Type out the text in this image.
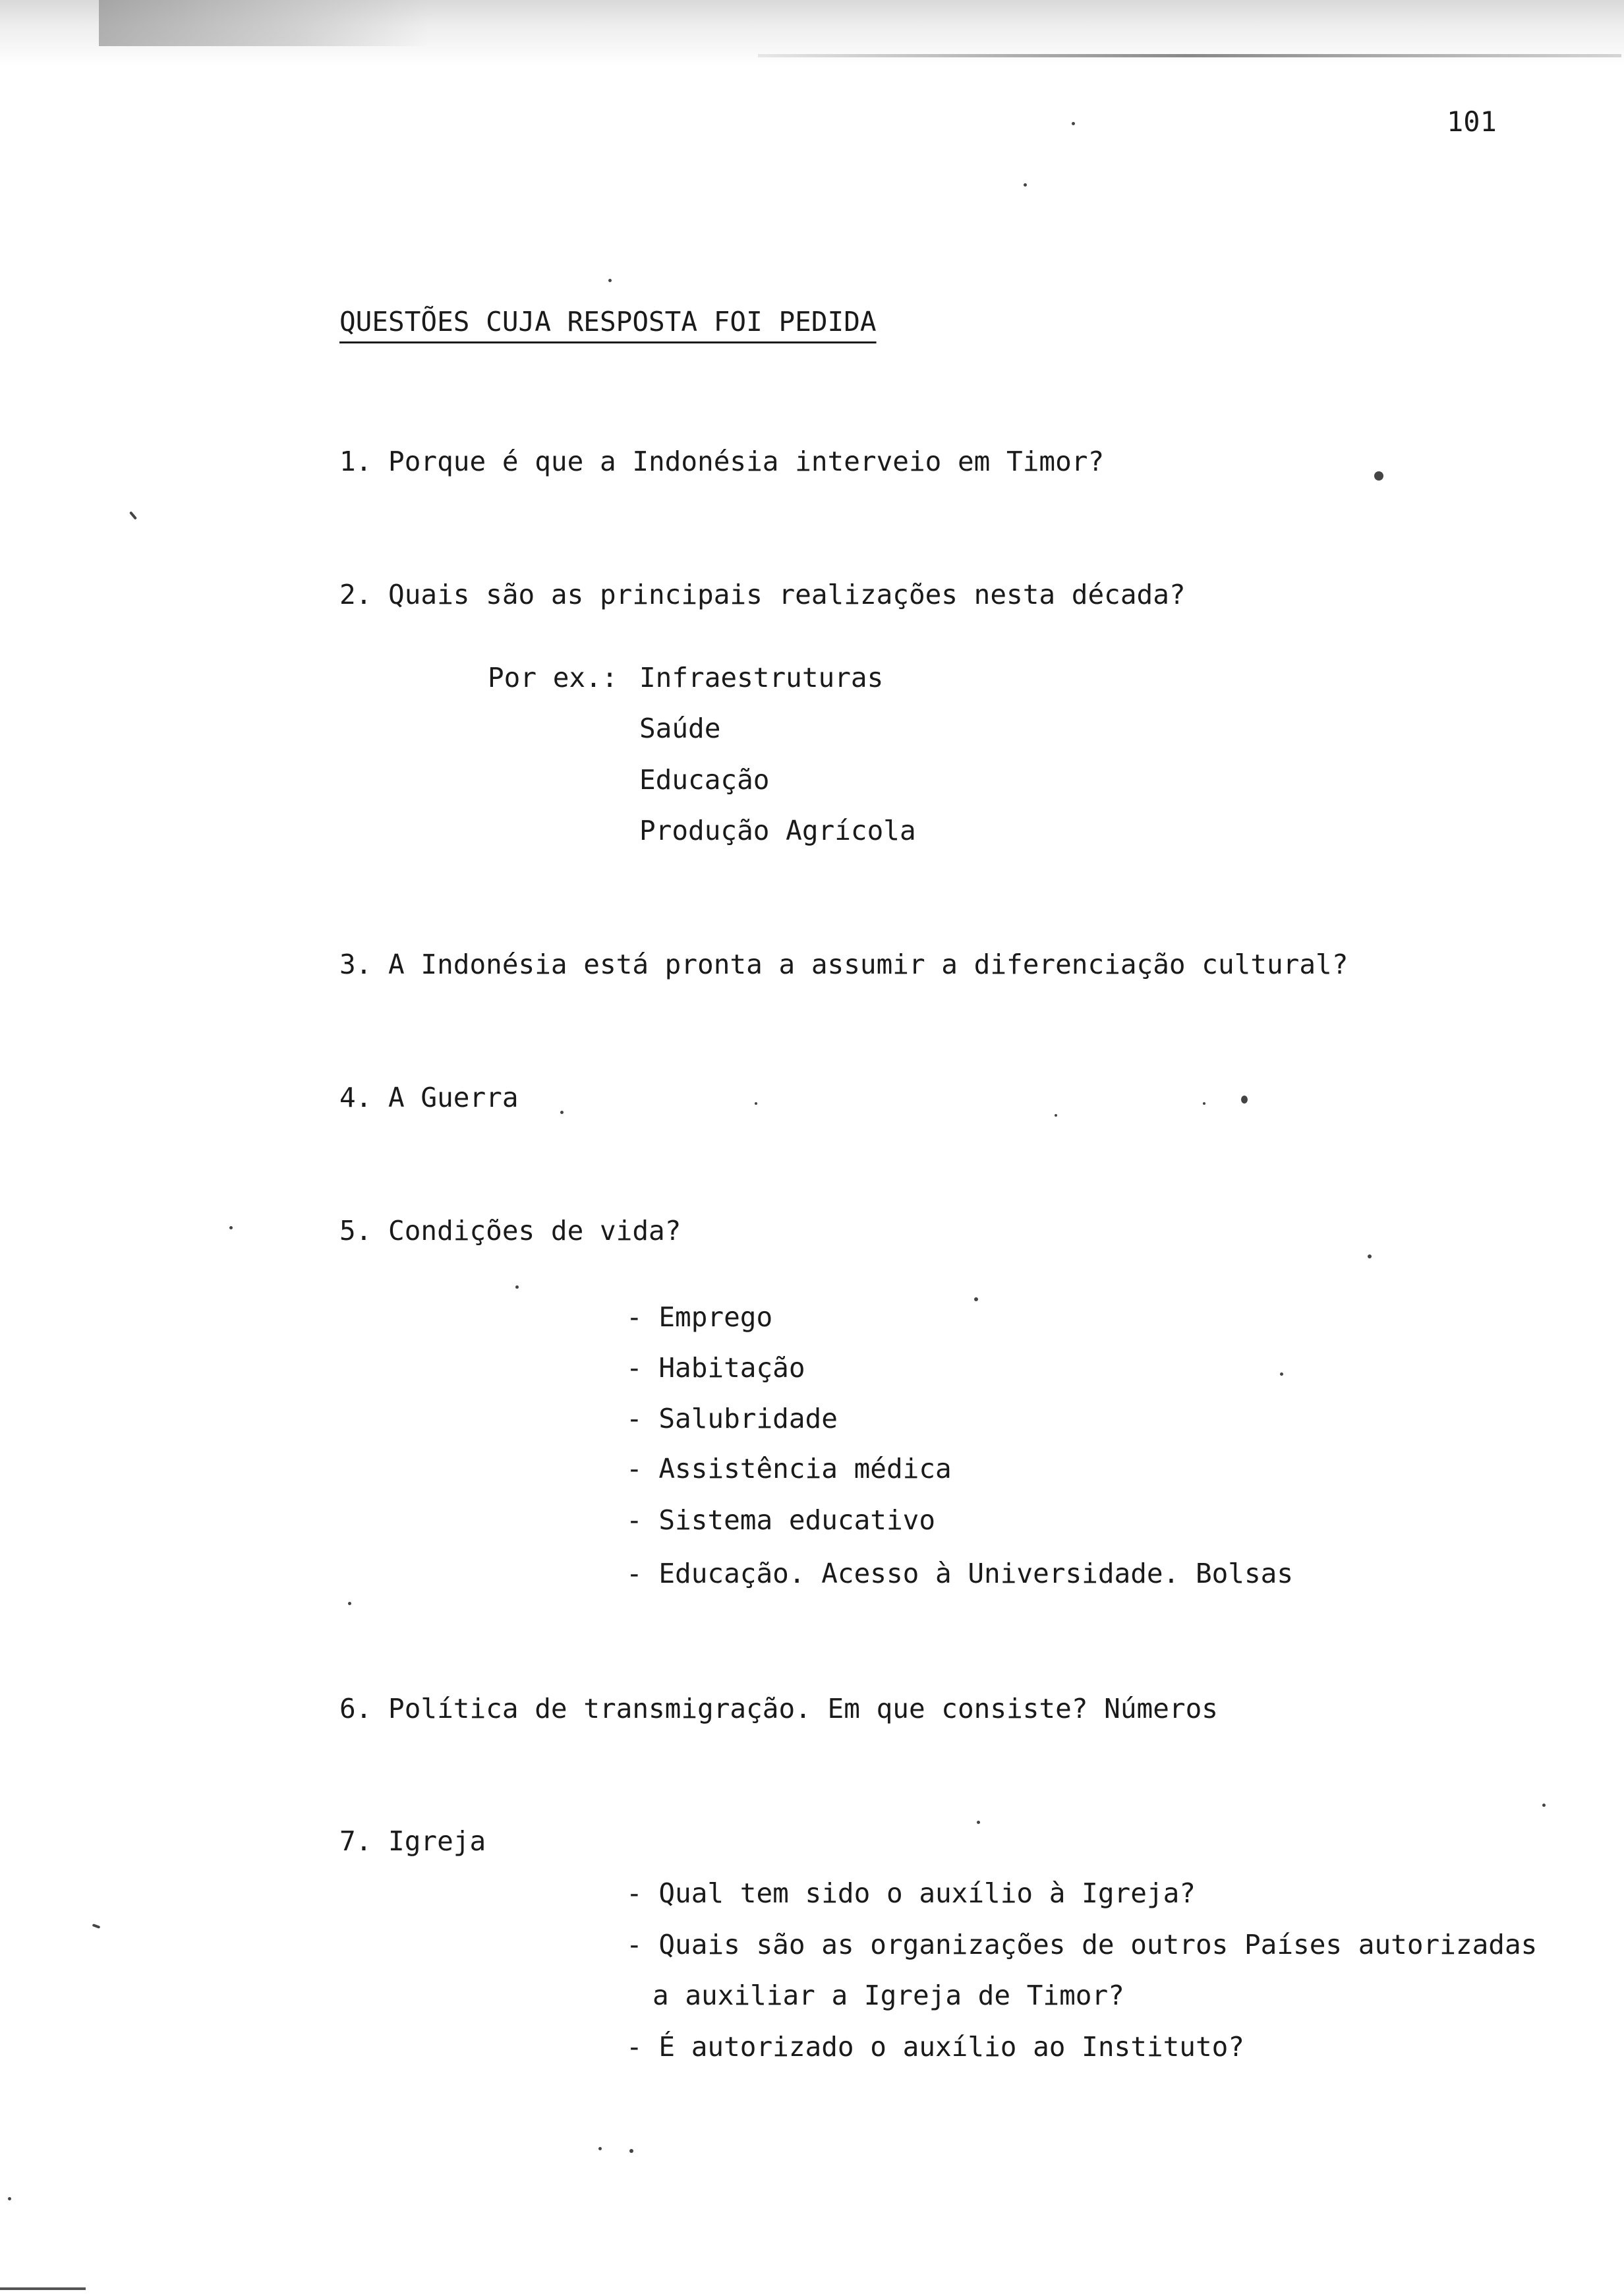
101
QUESTÕES CUJA RESPOSTA FOI PEDIDA
1. Porque é que a Indonésia interveio em Timor?
2. Quais são as principais realizações nesta década?
Por ex.: Infraestruturas
Saúde
Educação
Produção Agrícola
3. A Indonésia está pronta a assumir a diferenciação cultural?
4. A Guerra
5. Condições de vida?
- Emprego
- Habitação
- Salubridade
- Assistência médica
- Sistema educativo
- Educação. Acesso à Universidade. Bolsas
6. Política de transmigração. Em que consiste? Números
7. Igreja
- Qual tem sido o auxílio à Igreja?
- Quais são as organizações de outros Países autorizadas
a auxiliar a Igreja de Timor?
- É autorizado o auxílio ao Instituto?
